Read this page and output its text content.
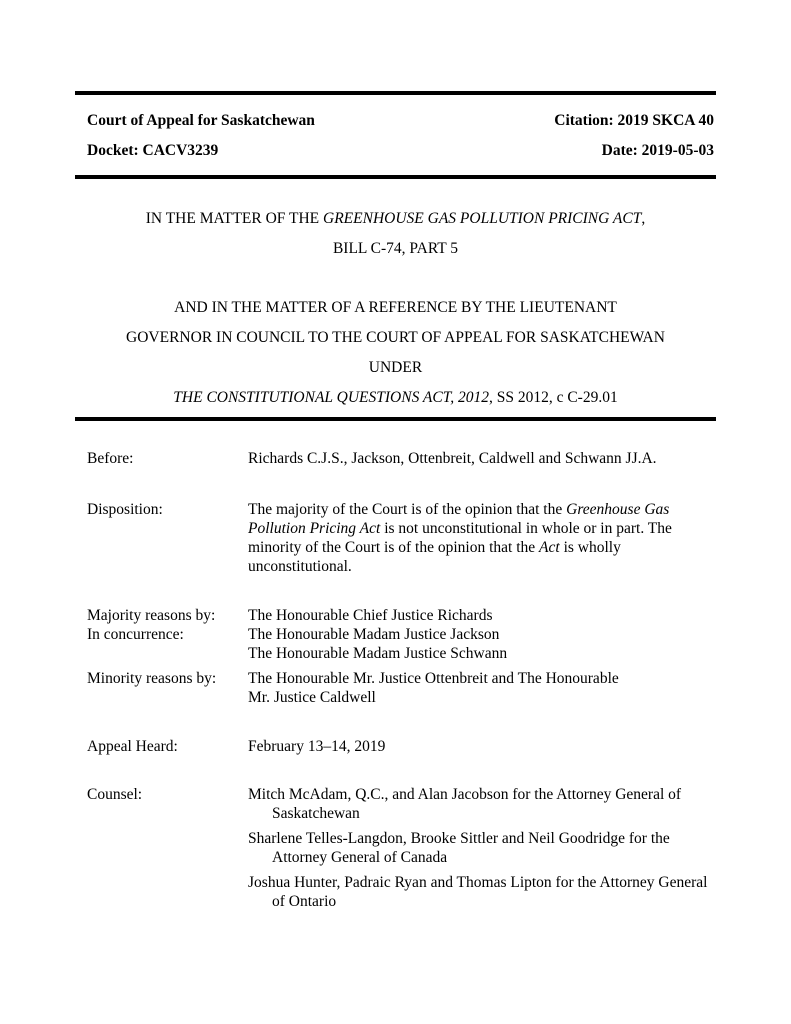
Court of Appeal for Saskatchewan	Citation: 2019 SKCA 40
Docket: CACV3239	Date: 2019-05-03
IN THE MATTER OF THE GREENHOUSE GAS POLLUTION PRICING ACT,
BILL C-74, PART 5
AND IN THE MATTER OF A REFERENCE BY THE LIEUTENANT
GOVERNOR IN COUNCIL TO THE COURT OF APPEAL FOR SASKATCHEWAN
UNDER
THE CONSTITUTIONAL QUESTIONS ACT, 2012, SS 2012, c C-29.01
Before:	Richards C.J.S., Jackson, Ottenbreit, Caldwell and Schwann JJ.A.
Disposition:	The majority of the Court is of the opinion that the Greenhouse Gas
Pollution Pricing Act is not unconstitutional in whole or in part. The
minority of the Court is of the opinion that the Act is wholly
unconstitutional.
Majority reasons by:	The Honourable Chief Justice Richards
In concurrence:	The Honourable Madam Justice Jackson
The Honourable Madam Justice Schwann
Minority reasons by:	The Honourable Mr. Justice Ottenbreit and The Honourable
Mr. Justice Caldwell
Appeal Heard:	February 13–14, 2019
Counsel:	Mitch McAdam, Q.C., and Alan Jacobson for the Attorney General of
Saskatchewan
Sharlene Telles-Langdon, Brooke Sittler and Neil Goodridge for the
Attorney General of Canada
Joshua Hunter, Padraic Ryan and Thomas Lipton for the Attorney General
of Ontario
